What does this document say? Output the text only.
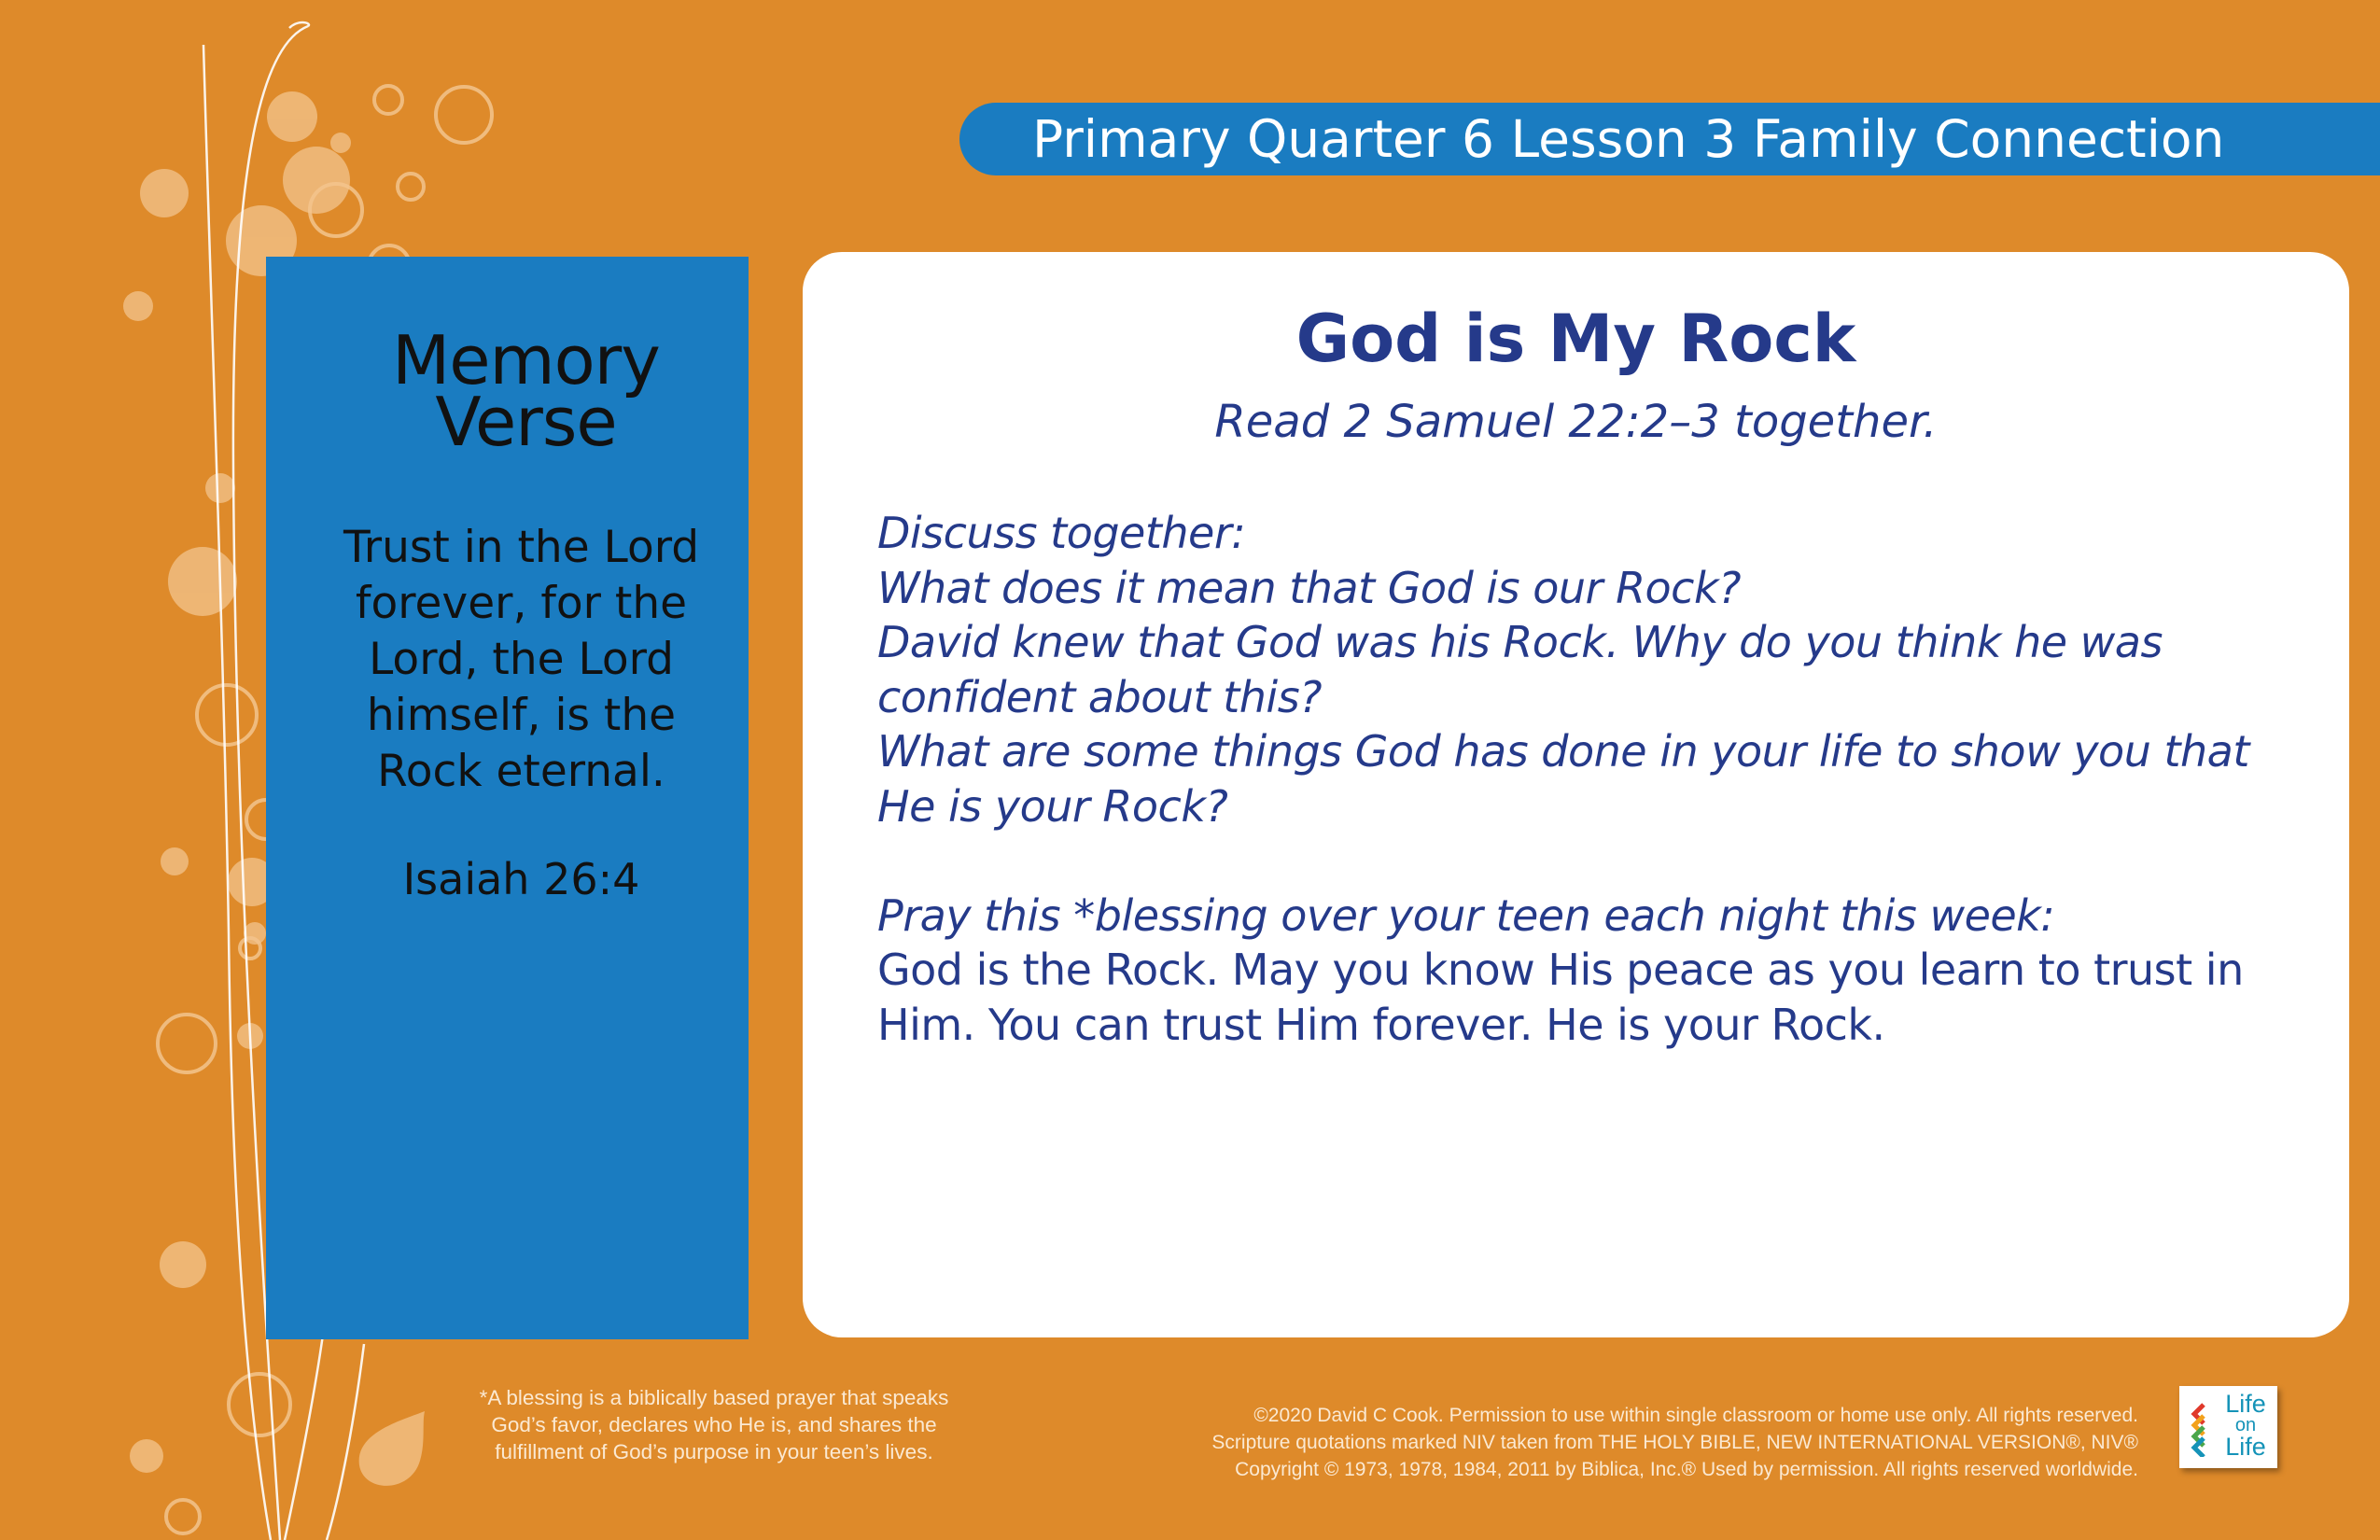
Primary Quarter 6 Lesson 3 Family Connection
Memory
Verse
Trust in the Lord
forever, for the
Lord, the Lord
himself, is the
Rock eternal.
Isaiah 26:4
God is My Rock
Read 2 Samuel 22:2–3 together.
Discuss together:
What does it mean that God is our Rock?
David knew that God was his Rock. Why do you think he was
confident about this?
What are some things God has done in your life to show you that
He is your Rock?
Pray this *blessing over your teen each night this week:
God is the Rock. May you know His peace as you learn to trust in
Him. You can trust Him forever. He is your Rock.
*A blessing is a biblically based prayer that speaks
God’s favor, declares who He is, and shares the
fulfillment of God’s purpose in your teen’s lives.
©2020 David C Cook. Permission to use within single classroom or home use only. All rights reserved.
Scripture quotations marked NIV taken from THE HOLY BIBLE, NEW INTERNATIONAL VERSION®, NIV®
Copyright © 1973, 1978, 1984, 2011 by Biblica, Inc.® Used by permission. All rights reserved worldwide.
Life
on
Life
